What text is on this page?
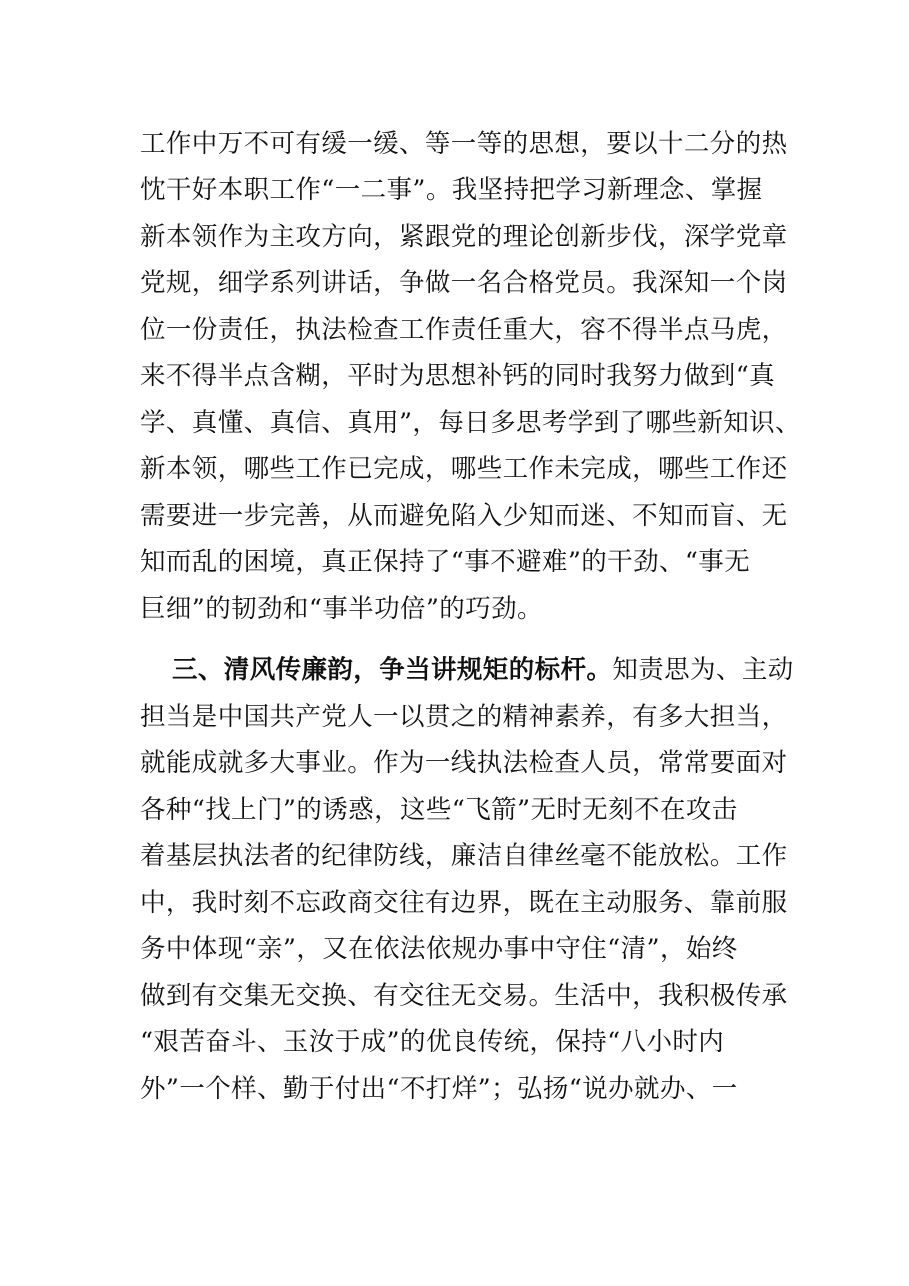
工作中万不可有缓一缓、等一等的思想，要以十二分的热
忱干好本职工作“一二事”。我坚持把学习新理念、掌握
新本领作为主攻方向，紧跟党的理论创新步伐，深学党章
党规，细学系列讲话，争做一名合格党员。我深知一个岗
位一份责任，执法检查工作责任重大，容不得半点马虎，
来不得半点含糊，平时为思想补钙的同时我努力做到“真
学、真懂、真信、真用”，每日多思考学到了哪些新知识、
新本领，哪些工作已完成，哪些工作未完成，哪些工作还
需要进一步完善，从而避免陷入少知而迷、不知而盲、无
知而乱的困境，真正保持了“事不避难”的干劲、“事无
巨细”的韧劲和“事半功倍”的巧劲。
三、清风传廉韵，争当讲规矩的标杆。知责思为、主动
担当是中国共产党人一以贯之的精神素养，有多大担当，
就能成就多大事业。作为一线执法检查人员，常常要面对
各种“找上门”的诱惑，这些“飞箭”无时无刻不在攻击
着基层执法者的纪律防线，廉洁自律丝毫不能放松。工作
中，我时刻不忘政商交往有边界，既在主动服务、靠前服
务中体现“亲”，又在依法依规办事中守住“清”，始终
做到有交集无交换、有交往无交易。生活中，我积极传承
“艰苦奋斗、玉汝于成”的优良传统，保持“八小时内
外”一个样、勤于付出“不打烊”；弘扬“说办就办、一
